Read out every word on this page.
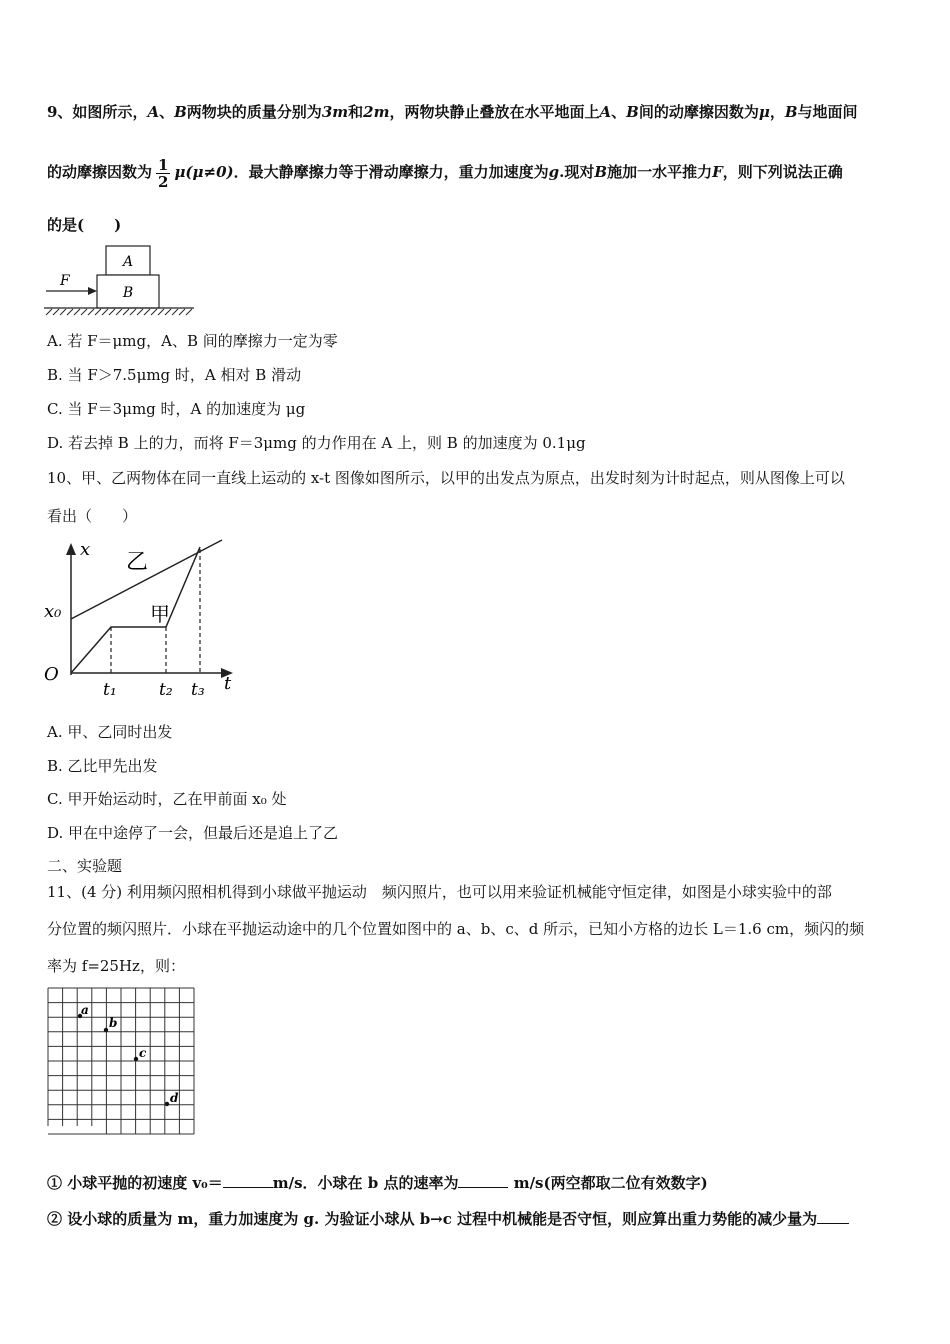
9、如图所示，A、B两物块的质量分别为3m和2m，两物块静止叠放在水平地面上A、B间的动摩擦因数为μ，B与地面间
的动摩擦因数为 $\frac{1}{2} \mu(\mu\ne 0)$．最大静摩擦力等于滑动摩擦力，重力加速度为g.现对B施加一水平推力F，则下列说法正确
的是(　　)
A
B
F
A. 若 F＝μmg，A、B 间的摩擦力一定为零
B. 当 F＞7.5μmg 时，A 相对 B 滑动
C. 当 F＝3μmg 时，A 的加速度为 μg
D. 若去掉 B 上的力，而将 F＝3μmg 的力作用在 A 上，则 B 的加速度为 0.1μg
10、甲、乙两物体在同一直线上运动的 x-t 图像如图所示，以甲的出发点为原点，出发时刻为计时起点，则从图像上可以
看出（　　）
x
t
O
x₀
乙
甲
t₁ t₂ t₃
A. 甲、乙同时出发
B. 乙比甲先出发
C. 甲开始运动时，乙在甲前面 x₀ 处
D. 甲在中途停了一会，但最后还是追上了乙
二、实验题
11、(4 分) 利用频闪照相机得到小球做平抛运动　频闪照片，也可以用来验证机械能守恒定律，如图是小球实验中的部
分位置的频闪照片．小球在平抛运动途中的几个位置如图中的 a、b、c、d 所示，已知小方格的边长 L＝1.6 cm，频闪的频
率为 f=25Hz，则：
a
b
c
d
① 小球平抛的初速度 v₀＝	m/s．小球在 b 点的速率为	m/s(两空都取二位有效数字)
② 设小球的质量为 m，重力加速度为 g. 为验证小球从 b→c 过程中机械能是否守恒，则应算出重力势能的减少量为
